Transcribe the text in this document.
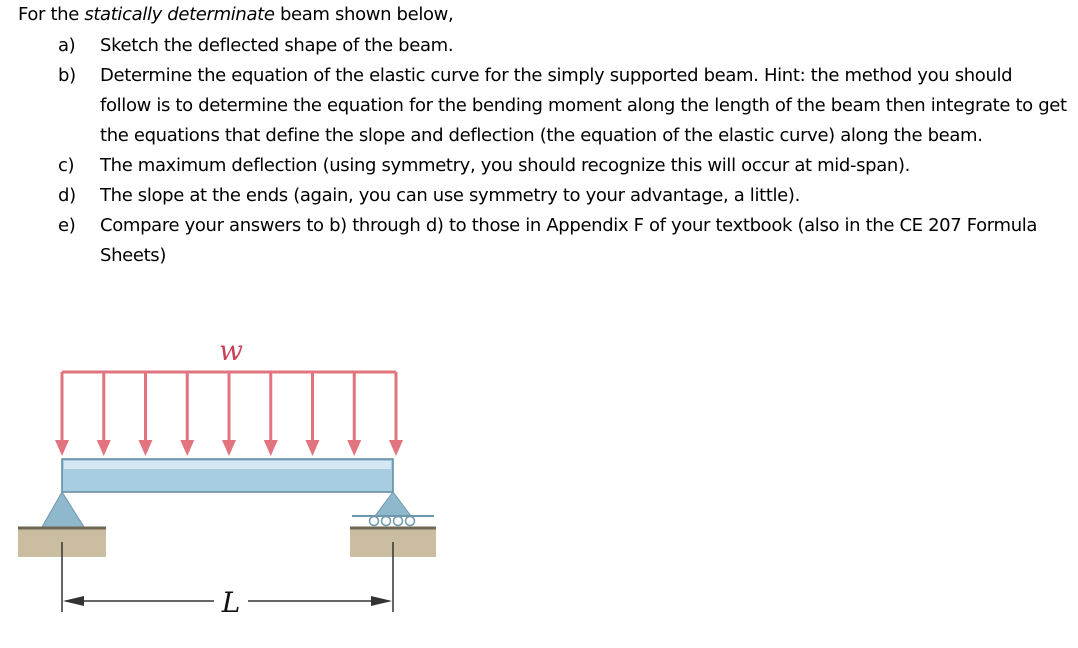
For the statically determinate beam shown below,
a) Sketch the deflected shape of the beam.
b) Determine the equation of the elastic curve for the simply supported beam. Hint: the method you should follow is to determine the equation for the bending moment along the length of the beam then integrate to get the equations that define the slope and deflection (the equation of the elastic curve) along the beam.
c) The maximum deflection (using symmetry, you should recognize this will occur at mid-span).
d) The slope at the ends (again, you can use symmetry to your advantage, a little).
e) Compare your answers to b) through d) to those in Appendix F of your textbook (also in the CE 207 Formula Sheets)
w
L
